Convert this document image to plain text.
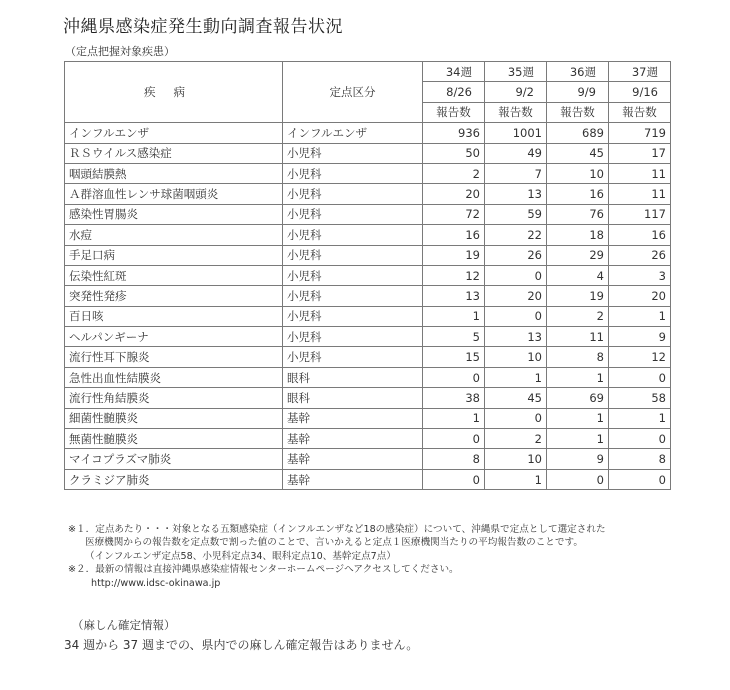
沖縄県感染症発生動向調査報告状況
（定点把握対象疾患）
疾病	定点区分	34週	35週	36週	37週
		8/26	9/2	9/9	9/16
		報告数	報告数	報告数	報告数
インフルエンザ	インフルエンザ	936	1001	689	719
ＲＳウイルス感染症	小児科	50	49	45	17
咽頭結膜熱	小児科	2	7	10	11
Ａ群溶血性レンサ球菌咽頭炎	小児科	20	13	16	11
感染性胃腸炎	小児科	72	59	76	117
水痘	小児科	16	22	18	16
手足口病	小児科	19	26	29	26
伝染性紅斑	小児科	12	0	4	3
突発性発疹	小児科	13	20	19	20
百日咳	小児科	1	0	2	1
ヘルパンギーナ	小児科	5	13	11	9
流行性耳下腺炎	小児科	15	10	8	12
急性出血性結膜炎	眼科	0	1	1	0
流行性角結膜炎	眼科	38	45	69	58
細菌性髄膜炎	基幹	1	0	1	1
無菌性髄膜炎	基幹	0	2	1	0
マイコプラズマ肺炎	基幹	8	10	9	8
クラミジア肺炎	基幹	0	1	0	0
※１．定点あたり・・・対象となる五類感染症（インフルエンザなど18の感染症）について、沖縄県で定点として選定された
医療機関からの報告数を定点数で割った値のことで、言いかえると定点１医療機関当たりの平均報告数のことです。
（インフルエンザ定点58、小児科定点34、眼科定点10、基幹定点7点）
※２．最新の情報は直接沖縄県感染症情報センターホームページへアクセスしてください。
http://www.idsc-okinawa.jp
（麻しん確定情報）
34 週から 37 週までの、県内での麻しん確定報告はありません。
